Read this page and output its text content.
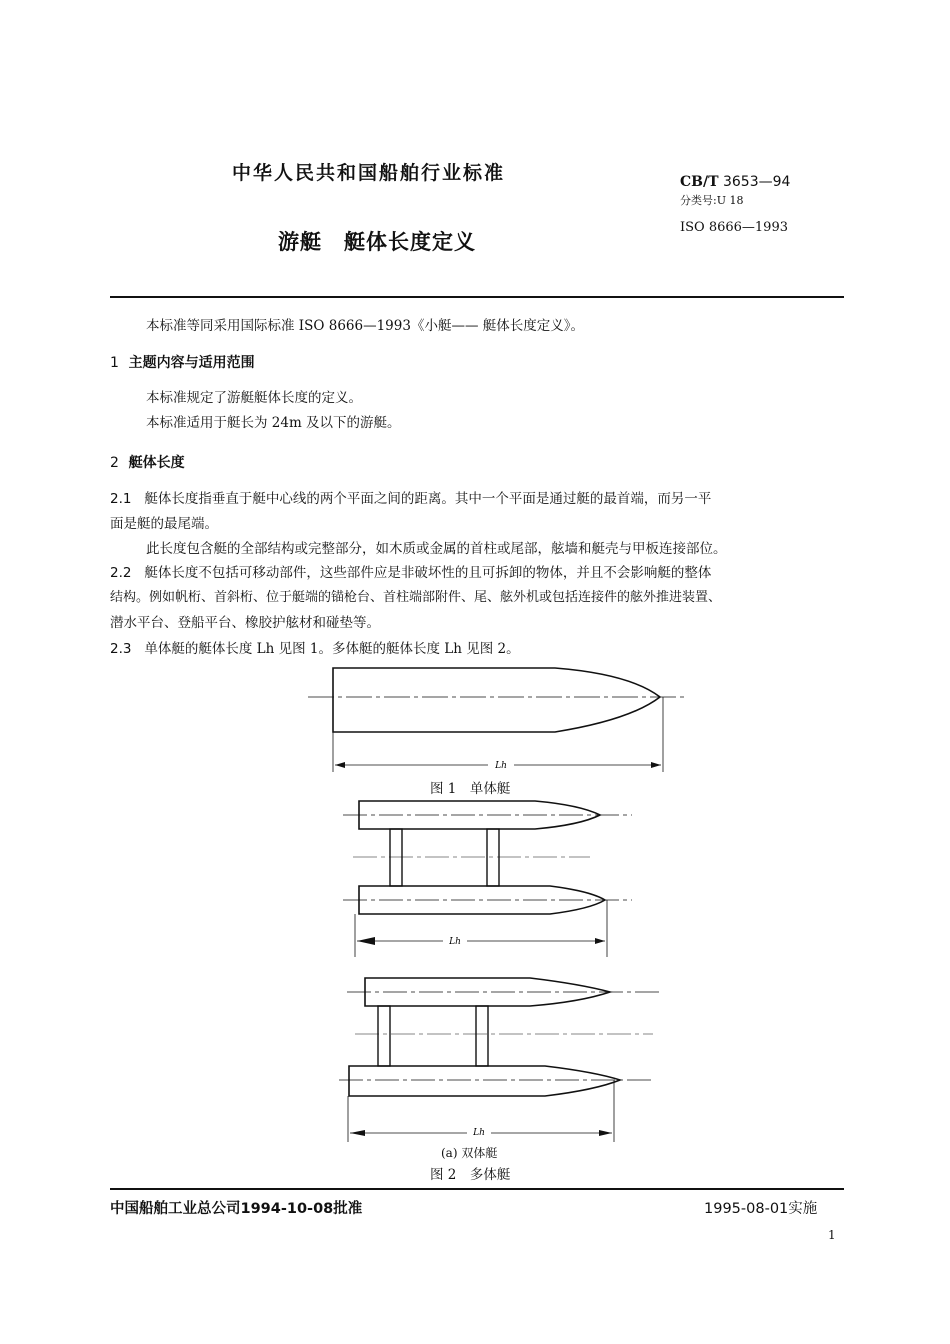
中华人民共和国船舶行业标准
游艇　艇体长度定义
CB/T 3653—94
分类号:U 18
ISO 8666—1993
本标准等同采用国际标准 ISO 8666—1993《小艇—— 艇体长度定义》。
1 主题内容与适用范围
本标准规定了游艇艇体长度的定义。
本标准适用于艇长为 24m 及以下的游艇。
2 艇体长度
2.1 艇体长度指垂直于艇中心线的两个平面之间的距离。其中一个平面是通过艇的最首端，而另一平
面是艇的最尾端。
此长度包含艇的全部结构或完整部分，如木质或金属的首柱或尾部，舷墙和艇壳与甲板连接部位。
2.2 艇体长度不包括可移动部件，这些部件应是非破坏性的且可拆卸的物体，并且不会影响艇的整体
结构。例如帆桁、首斜桁、位于艇端的锚枪台、首柱端部附件、尾、舷外机或包括连接件的舷外推进装置、
潜水平台、登船平台、橡胶护舷材和碰垫等。
2.3 单体艇的艇体长度 Lh 见图 1。多体艇的艇体长度 Lh 见图 2。
Lh
图 1　单体艇
Lh
Lh
(a) 双体艇
图 2　多体艇
中国船舶工业总公司1994-10-08批准	1995-08-01实施
1
